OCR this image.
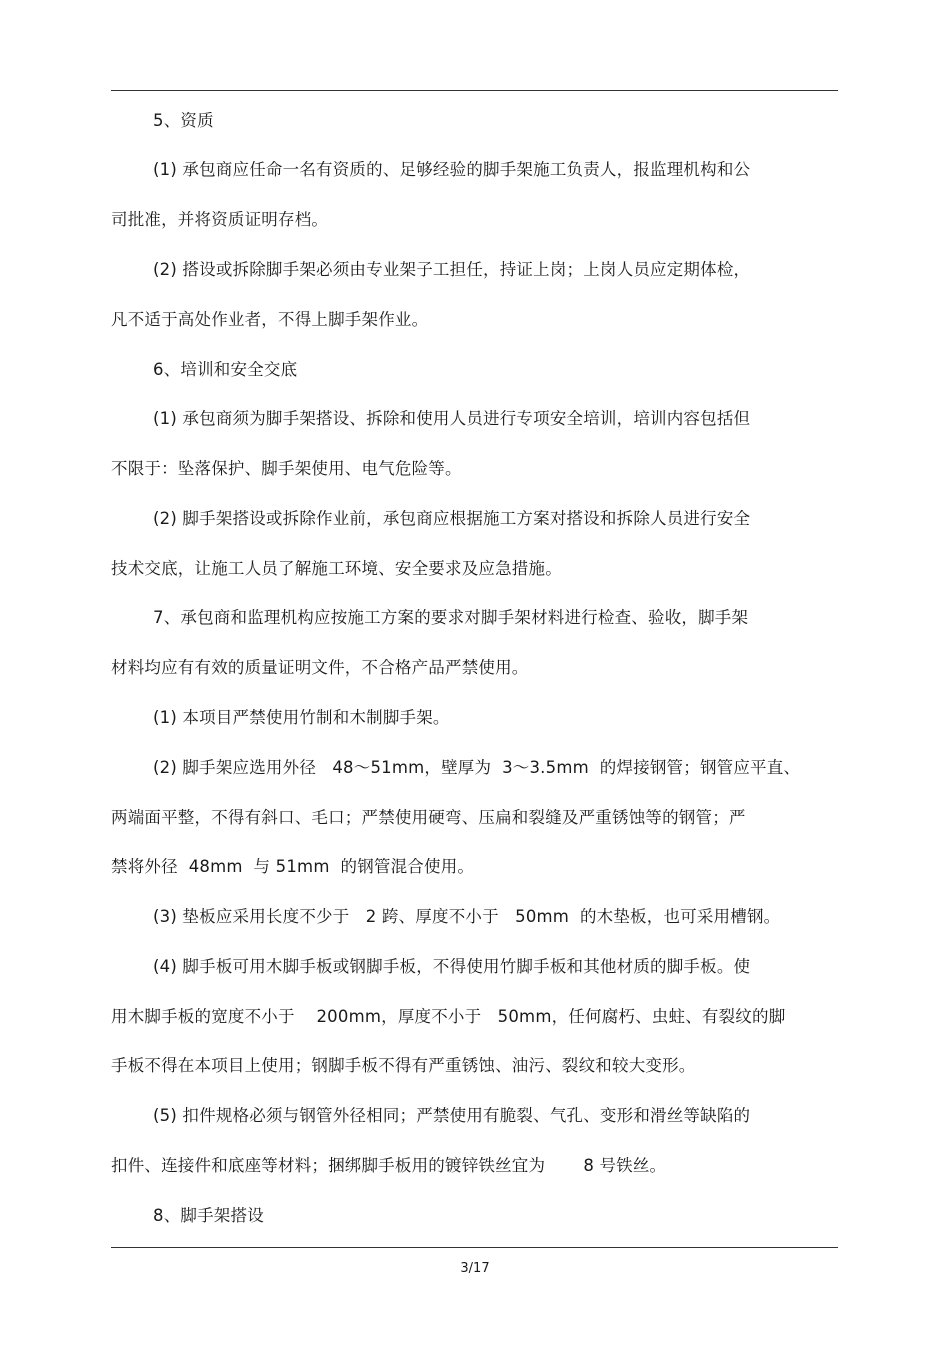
5、资质
(1) 承包商应任命一名有资质的、足够经验的脚手架施工负责人，报监理机构和公
司批准，并将资质证明存档。
(2) 搭设或拆除脚手架必须由专业架子工担任，持证上岗；上岗人员应定期体检，
凡不适于高处作业者，不得上脚手架作业。
6、培训和安全交底
(1) 承包商须为脚手架搭设、拆除和使用人员进行专项安全培训，培训内容包括但
不限于：坠落保护、脚手架使用、电气危险等。
(2) 脚手架搭设或拆除作业前，承包商应根据施工方案对搭设和拆除人员进行安全
技术交底，让施工人员了解施工环境、安全要求及应急措施。
7、承包商和监理机构应按施工方案的要求对脚手架材料进行检查、验收，脚手架
材料均应有有效的质量证明文件，不合格产品严禁使用。
(1) 本项目严禁使用竹制和木制脚手架。
(2) 脚手架应选用外径   48～51mm，壁厚为  3～3.5mm  的焊接钢管；钢管应平直、
两端面平整，不得有斜口、毛口；严禁使用硬弯、压扁和裂缝及严重锈蚀等的钢管；严
禁将外径  48mm  与 51mm  的钢管混合使用。
(3) 垫板应采用长度不少于   2 跨、厚度不小于   50mm  的木垫板，也可采用槽钢。
(4) 脚手板可用木脚手板或钢脚手板，不得使用竹脚手板和其他材质的脚手板。使
用木脚手板的宽度不小于    200mm，厚度不小于   50mm，任何腐朽、虫蛀、有裂纹的脚
手板不得在本项目上使用；钢脚手板不得有严重锈蚀、油污、裂纹和较大变形。
(5) 扣件规格必须与钢管外径相同；严禁使用有脆裂、气孔、变形和滑丝等缺陷的
扣件、连接件和底座等材料；捆绑脚手板用的镀锌铁丝宜为       8 号铁丝。
8、脚手架搭设
3/17
